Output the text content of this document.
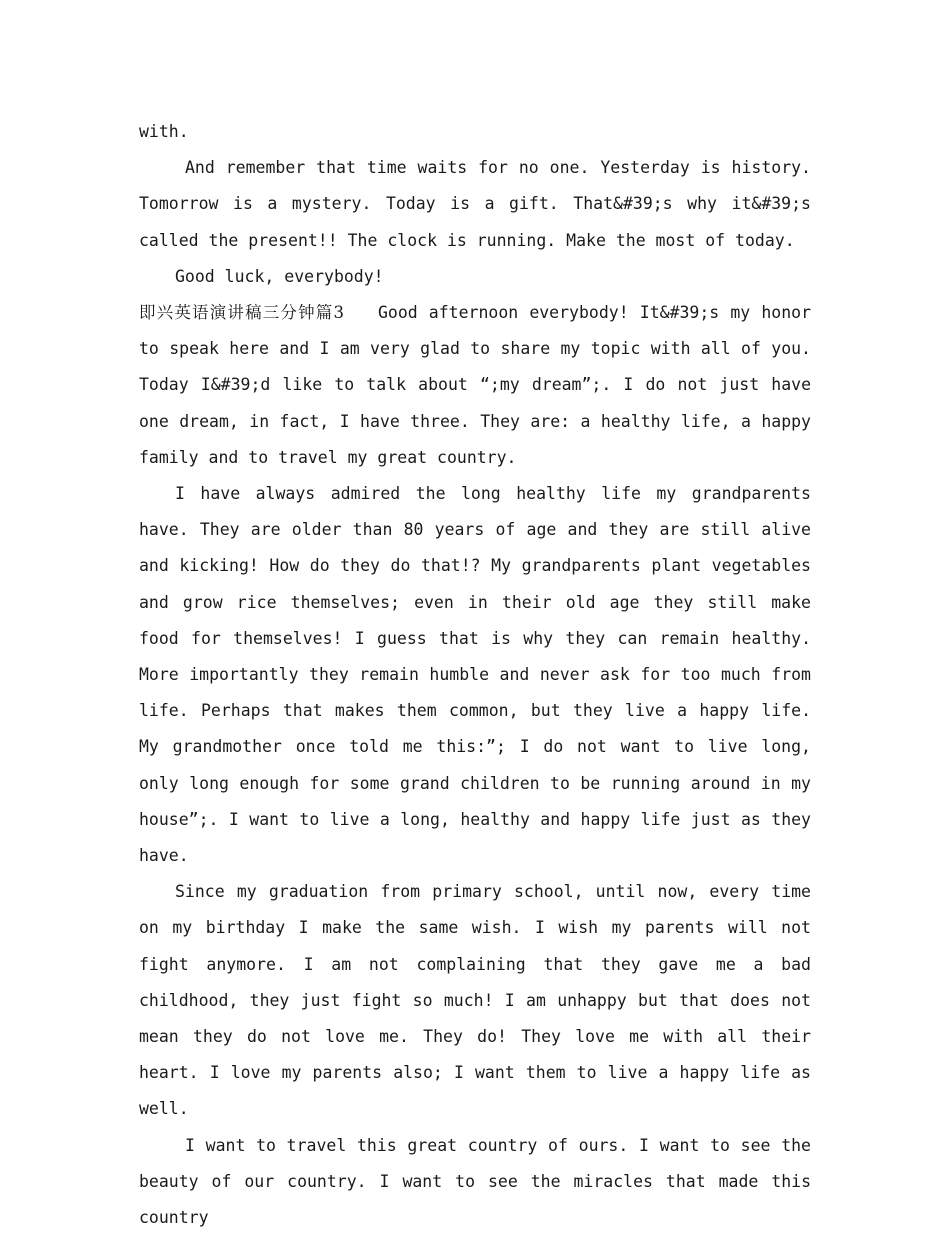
with.

And remember that time waits for no one. Yesterday is history. Tomorrow is a mystery. Today is a gift. That&#39;s why it&#39;s called the present!! The clock is running. Make the most of today.

Good luck, everybody!

即兴英语演讲稿三分钟篇3 Good afternoon everybody! It&#39;s my honor to speak here and I am very glad to share my topic with all of you. Today I&#39;d like to talk about “;my dream”;. I do not just have one dream, in fact, I have three. They are: a healthy life, a happy family and to travel my great country.

I have always admired the long healthy life my grandparents have. They are older than 80 years of age and they are still alive and kicking! How do they do that!? My grandparents plant vegetables and grow rice themselves; even in their old age they still make food for themselves! I guess that is why they can remain healthy. More importantly they remain humble and never ask for too much from life. Perhaps that makes them common, but they live a happy life. My grandmother once told me this:”; I do not want to live long, only long enough for some grand children to be running around in my house”;. I want to live a long, healthy and happy life just as they have.

Since my graduation from primary school, until now, every time on my birthday I make the same wish. I wish my parents will not fight anymore. I am not complaining that they gave me a bad childhood, they just fight so much! I am unhappy but that does not mean they do not love me. They do! They love me with all their heart. I love my parents also; I want them to live a happy life as well.

I want to travel this great country of ours. I want to see the beauty of our country. I want to see the miracles that made this country
